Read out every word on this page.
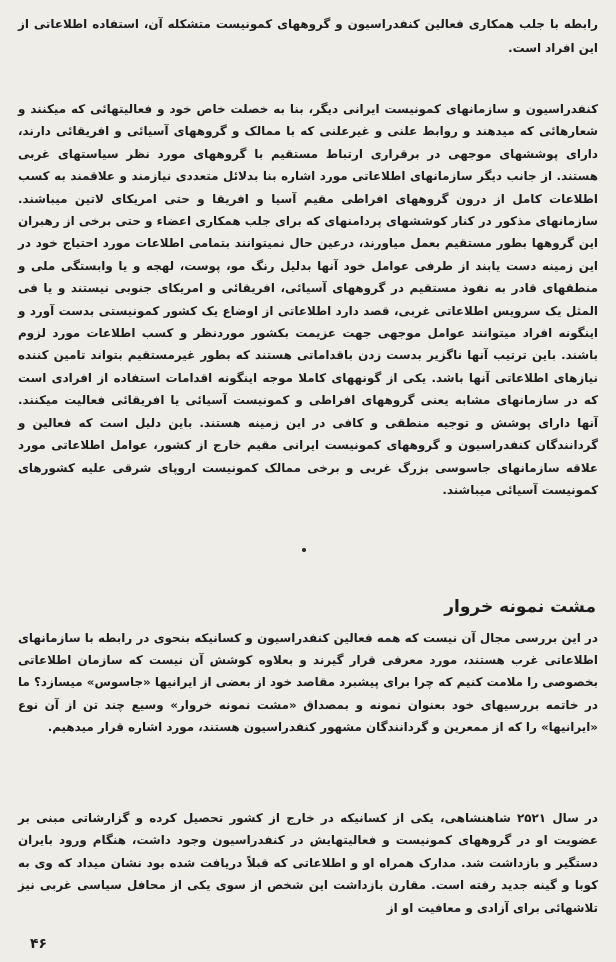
رابطه با جلب همکاری فعالین کنفدراسیون و گروههای کمونیست متشکله آن، استفاده اطلاعاتی از این افراد است.
کنفدراسیون و سازمانهای کمونیست ایرانی دیگر، بنا به خصلت خاص خود و فعالیتهائی که میکنند و شعارهائی که میدهند و روابط علنی و غیرعلنی که با ممالک و گروههای آسیائی و افریقائی دارند، دارای پوششهای موجهی در برقراری ارتباط مستقیم با گروههای مورد نظر سیاستهای غربی هستند. از جانب دیگر سازمانهای اطلاعاتی مورد اشاره بنا بدلائل متعددی نیازمند و علاقمند به کسب اطلاعات کامل از درون گروههای افراطی مقیم آسیا و افریقا و حتی امریکای لاتین میباشند. سازمانهای مذکور در کنار کوششهای پردامنهای که برای جلب همکاری اعضاء و حتی برخی از رهبران این گروهها بطور مستقیم بعمل میاورند، درعین حال نمیتوانند بتمامی اطلاعات مورد احتیاج خود در این زمینه دست یابند از طرفی عوامل خود آنها بدلیل رنگ مو، پوست، لهجه و یا وابستگی ملی و منطقهای قادر به نفوذ مستقیم در گروههای آسیائی، افریقائی و امریکای جنوبی نیستند و یا فی المثل یک سرویس اطلاعاتی غربی، قصد دارد اطلاعاتی از اوضاع یک کشور کمونیستی بدست آورد و اینگونه افراد میتوانند عوامل موجهی جهت عزیمت بکشور موردنظر و کسب اطلاعات مورد لزوم باشند. باین ترتیب آنها ناگزیر بدست زدن باقداماتی هستند که بطور غیرمستقیم بتواند تامین کننده نیازهای اطلاعاتی آنها باشد. یکی از گونههای کاملا موجه اینگونه اقدامات استفاده از افرادی است که در سازمانهای مشابه یعنی گروههای افراطی و کمونیست آسیائی یا افریقائی فعالیت میکنند. آنها دارای پوشش و توجیه منطقی و کافی در این زمینه هستند. باین دلیل است که فعالین و گردانندگان کنفدراسیون و گروههای کمونیست ایرانی مقیم خارج از کشور، عوامل اطلاعاتی مورد علاقه سازمانهای جاسوسی بزرگ غربی و برخی ممالک کمونیست اروپای شرقی علیه کشورهای کمونیست آسیائی میباشند.
مشت نمونه خروار
در این بررسی مجال آن نیست که همه فعالین کنفدراسیون و کسانیکه بنحوی در رابطه با سازمانهای اطلاعاتی غرب هستند، مورد معرفی قرار گیرند و بعلاوه کوشش آن نیست که سازمان اطلاعاتی بخصوصی را ملامت کنیم که چرا برای پیشبرد مقاصد خود از بعضی از ایرانیها «جاسوس» میسازد؟ ما در خاتمه بررسیهای خود بعنوان نمونه و بمصداق «مشت نمونه خروار» وسیع چند تن از آن نوع «ایرانیها» را که از ممعرین و گردانندگان مشهور کنفدراسیون هستند، مورد اشاره قرار میدهیم.
در سال ۲۵۲۱ شاهنشاهی، یکی از کسانیکه در خارج از کشور تحصیل کرده و گزارشاتی مبنی بر عضویت او در گروههای کمونیست و فعالیتهایش در کنفدراسیون وجود داشت، هنگام ورود بایران دستگیر و بازداشت شد. مدارک همراه او و اطلاعاتی که قبلاً دریافت شده بود نشان میداد که وی به کوبا و گینه جدید رفته است. مقارن بازداشت این شخص از سوی یکی از محافل سیاسی غربی نیز تلاشهائی برای آزادی و معافیت او از
۴۶
